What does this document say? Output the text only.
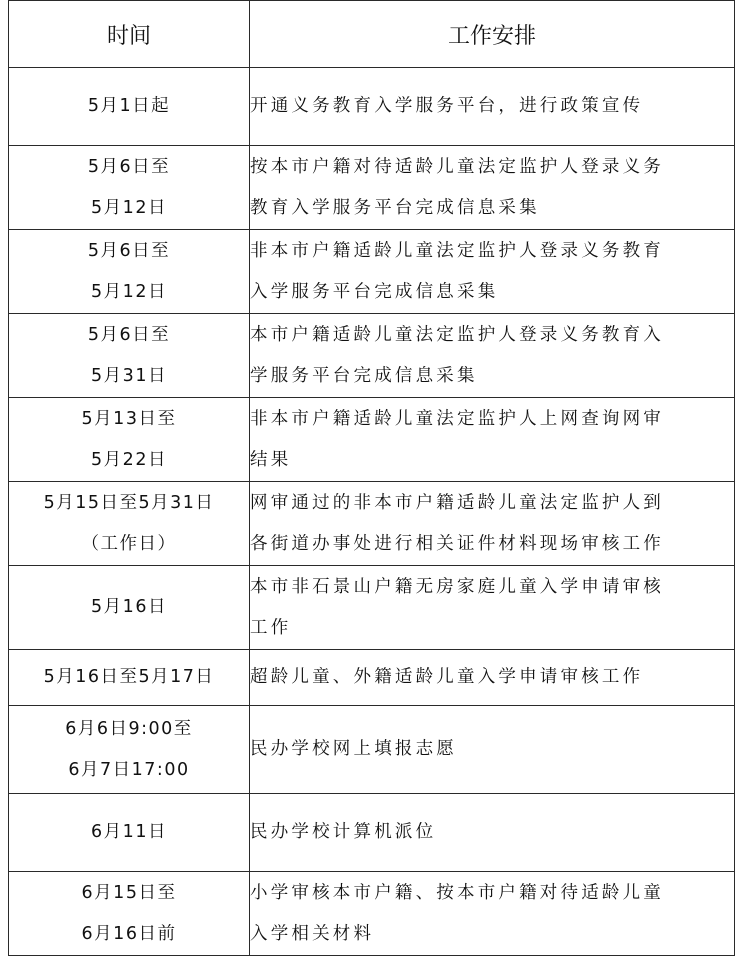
时间	工作安排

5月1日起	开通义务教育入学服务平台，进行政策宣传

5月6日至
5月12日	按本市户籍对待适龄儿童法定监护人登录义务
教育入学服务平台完成信息采集

5月6日至
5月12日	非本市户籍适龄儿童法定监护人登录义务教育
入学服务平台完成信息采集

5月6日至
5月31日	本市户籍适龄儿童法定监护人登录义务教育入
学服务平台完成信息采集

5月13日至
5月22日	非本市户籍适龄儿童法定监护人上网查询网审
结果

5月15日至5月31日
（工作日）	网审通过的非本市户籍适龄儿童法定监护人到
各街道办事处进行相关证件材料现场审核工作

5月16日	本市非石景山户籍无房家庭儿童入学申请审核
工作

5月16日至5月17日	超龄儿童、外籍适龄儿童入学申请审核工作

6月6日9:00至
6月7日17:00	民办学校网上填报志愿

6月11日	民办学校计算机派位

6月15日至
6月16日前	小学审核本市户籍、按本市户籍对待适龄儿童
入学相关材料
